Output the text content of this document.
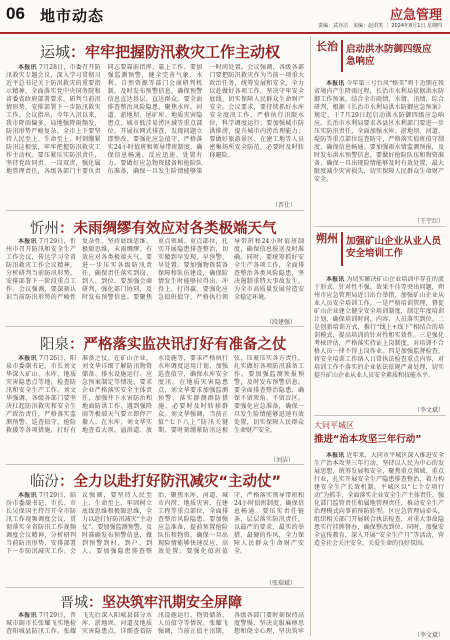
06 地市动态	应急管理
责编：武亦洁　美编：赵涓笑 ｜ 2024年8月1日 星期四
运城：牢牢把握防汛救灾工作主动权

本报讯 7月28日，市委召开防汛救灾专题会议，深入学习贯彻习近平总书记关于防汛救灾的重要指示精神，全面落实党中央国务院和省委省政府部署要求，研判当前汛情形势，安排部署下一步防汛救灾工作。会议指出，今年入汛以来，我市降雨偏多，局地强降雨频发，防汛形势严峻复杂。全市上下要坚持人民至上、生命至上，时刻绷紧防汛这根弦，牢牢把握防汛救灾工作主动权。要压紧压实防汛责任，坚持党政同责、一岗双责，强化属地管理责任，各级各部门主要负责同志要靠前指挥、靠上工作。要加强监测预警，健全完善气象、水利、自然资源等部门会商研判机制，及时发布预警信息，确保预警信息直达基层、直达群众。要全面排查整治风险隐患，聚焦水库、河道、淤地坝、尾矿库、地质灾害隐患点、城市低洼易涝区域等重点部位，开展拉网式排查，发现问题立即整改。要强化应急值守，严格落实24小时值班和领导带班制度，确保信息畅通、反应迅速、处置有力。要做好应急物资储备和抢险队伍准备，确保一旦发生险情能够第一时间处置。会议强调，各级各部门要把防汛救灾作为当前一项重大政治任务，统筹发展和安全，全力以赴做好各项工作，坚决守牢安全底线，切实保障人民群众生命财产安全。会议要求，要持续抓好水库安全度汛工作，严格执行汛限水位，科学调度运行；要加强城市防洪排涝，提升城市内涝治理能力；要做好旅游景区、在建工地等人员密集场所安全防范，必要时及时转移避险。

（晋仕）
忻州：未雨绸缪有效应对各类极端天气

本报讯 7月29日，忻州市召开防汛和安全生产工作会议，传达学习全省防汛救灾工作会议精神，分析研判当前防汛形势，安排部署下一阶段重点工作。会议强调，要深刻认识当前防汛形势的严峻性复杂性，坚持底线思维、极限思维，未雨绸缪、有效应对各类极端天气。要进一步压实各级防汛责任，确保责任落实到岗、到人、到位。要加强会商研判，强化部门协同，及时发布预警信息。要聚焦重点领域、重点部位，扎实开展隐患排查整治，切实做到早发现、早预警、早处置。要加强物资装备保障和队伍建设，确保险情发生时能够拉得出、冲得上、打得赢。要强化应急值班值守，严格执行领导带班和24小时值班制度，确保信息报送及时准确。同时，要统筹抓好安全生产各项工作，全面排查整治各类风险隐患，坚决遏制重特大事故发生，为全市高质量发展营造安全稳定环境。

（段建强）
阳泉：严格落实监决讯打好有准备之仗

本报讯 7月26日，阳泉市委副书记、市长刘文华深入矿山、水库、地质灾害隐患点等地，检查防汛和安全生产工作。刘文华强调，各级各部门要坚决扛起防汛救灾和安全生产政治责任，严格落实监测预警、巡查值守、抢险救援等各项措施，打好有准备之仗。在矿山企业，刘文华详细了解防汛物资储备、排水设施运行、应急预案制定等情况，要求企业严格落实安全主体责任，加强井下水害防治和地面防洪工作，遇到强降雨等极端天气要立即停产撤人。在水库，刘文华实地查看大坝、溢洪道、放水设施等，要求严格执行水库调度运用计划，加强巡查值守，确保水库安全度汛。在地质灾害隐患点，刘文华要求加强监测预警，落实群测群防措施，必要时及时转移群众。刘文华强调，当前正值“七下八上”防汛关键期，要时刻绷紧防汛这根弦，压紧压实各方责任，扎实做好各项防汛准备工作。要加强监测预报预警，及时发布预警信息。要全面排查整治隐患，确保不留死角、不留盲区。要强化应急准备，确保一旦发生险情能够迅速有效处置，切实保障人民群众生命财产安全。

（刘洁）
临汾：全力以赴打好防汛减灾“主动仗”

本报讯 7月29日，临汾市委副书记、市长、市长吴保国主持召开全市防汛工作视频调度会议，贯彻落实全省防汛工作视频调度会议精神，分析研判当前防汛形势，安排部署下一步防汛减灾工作。会议强调，要坚持人民至上、生命至上，牢固树立底线思维和极限思维，全力以赴打好防汛减灾“主动仗”。要加强监测预警，及时准确发布预警信息，做到预警到村、到户、到人。要加强隐患排查整治，聚焦水库、河道、城市内涝、地质灾害、在建工程等重点部位，全面排查整治风险隐患。要加强应急准备，提前预置抢险队伍和物资，确保一旦出现险情能够快速反应、高效处置。要强化值班值守，严格落实领导带班和24小时值班制度，确保信息畅通。要压实责任链条，层层落实防汛责任，以最严的要求、最实的举措、最硬的作风，全力保障人民群众生命财产安全。

（张瑞斌）
晋城：坚决筑牢汛期安全屏障

本报讯 7月29日，晋城市副市长张耀飞实地检查阳城县防汛工作。张耀飞先后深入阳城县部分水库、淤地坝、河道及地质灾害隐患点，详细查看防汛设施运行、物资储备、人员值守等情况。张耀飞强调，当前正值主汛期，各级各部门要时刻保持高度警惕，坚决克服麻痹思想和侥幸心理，坚决筑牢

长治 启动洪水防御四级应急响应

本报讯 今年第三号台风“格美”将于近期在我省境内产生降雨过程，长治市水利局依据洪水防御工作预案，结合全市雨情、水情、汛情，综合研判，根据《长治市水利局洪水防御应急预案》规定，于7月29日起启动洪水防御四级应急响应。长治市水利局要求各县区水利部门要进一步压实防汛责任，全面加强水库、淤地坝、河道、堤防等重点部位巡查防守，严格落实值班值守制度，确保信息畅通。要加强雨水情监测预报，及时发布洪水预警信息。要做好抢险队伍和物资准备，确保一旦出现险情能够及时有效处置，最大限度减少灾害损失，切实保障人民群众生命财产安全。

（王宇红）
朔州 加强矿山企业从业人员安全培训工作

本报讯 为切实解决矿山企业培训中存在的流于形式、针对性不强、效果不佳等突出问题，朔州市应急管理局近日出台举措，加强矿山企业从业人员安全培训工作。一是严格培训管理，督促矿山企业建立健全安全培训制度，制定年度培训计划，确保培训时间、内容、人员落实到位。二是创新培训方式，推行“线上+线下”相结合的培训模式，提高培训的针对性和实效性。三是强化考核评估，严格落实持证上岗制度，对培训不合格人员一律不得上岗作业。四是加强监督检查，将安全培训工作纳入日常执法检查重点内容，对培训工作不落实的企业依法依规严肃处理，切实提升矿山企业从业人员安全素质和技能水平。

（李文斌）
大同平城区
推进“治本攻坚三年行动”

本报讯 近年来，大同市平城区深入推进安全生产治本攻坚三年行动，坚持以人民为中心的发展思想，统筹发展和安全，聚焦重点领域、重点行业，扎实开展安全生产隐患排查整治，着力构建安全生产长效机制。平城区以“七个专项行动”为抓手，全面落实企业安全生产主体责任，强化部门监管责任和属地管理责任，推动安全生产治理模式向事前预防转型。区应急管理局牵头，组织相关部门开展联合执法检查，对重大事故隐患实行挂牌督办，确保整改到位。同时，加强安全宣传教育，深入开展“安全生产月”等活动，营造全社会关注安全、关爱生命的良好氛围。

（李文斌）
